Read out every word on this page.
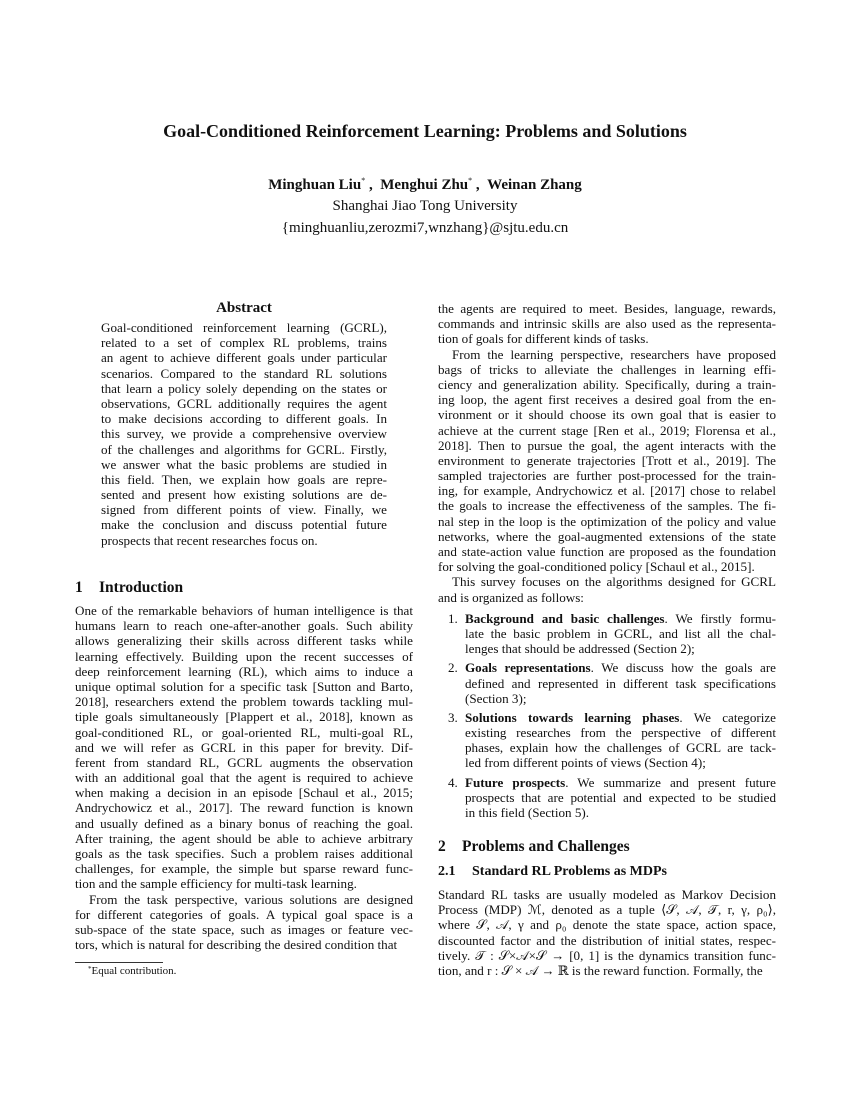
Goal-Conditioned Reinforcement Learning: Problems and Solutions
Minghuan Liu* ,  Menghui Zhu* ,  Weinan Zhang
Shanghai Jiao Tong University
{minghuanliu,zerozmi7,wnzhang}@sjtu.edu.cn
Abstract
Goal-conditioned reinforcement learning (GCRL),
related to a set of complex RL problems, trains
an agent to achieve different goals under particular
scenarios. Compared to the standard RL solutions
that learn a policy solely depending on the states or
observations, GCRL additionally requires the agent
to make decisions according to different goals. In
this survey, we provide a comprehensive overview
of the challenges and algorithms for GCRL. Firstly,
we answer what the basic problems are studied in
this field. Then, we explain how goals are repre-
sented and present how existing solutions are de-
signed from different points of view. Finally, we
make the conclusion and discuss potential future
prospects that recent researches focus on.
1 Introduction
One of the remarkable behaviors of human intelligence is that
humans learn to reach one-after-another goals. Such ability
allows generalizing their skills across different tasks while
learning effectively. Building upon the recent successes of
deep reinforcement learning (RL), which aims to induce a
unique optimal solution for a specific task [Sutton and Barto,
2018], researchers extend the problem towards tackling mul-
tiple goals simultaneously [Plappert et al., 2018], known as
goal-conditioned RL, or goal-oriented RL, multi-goal RL,
and we will refer as GCRL in this paper for brevity. Dif-
ferent from standard RL, GCRL augments the observation
with an additional goal that the agent is required to achieve
when making a decision in an episode [Schaul et al., 2015;
Andrychowicz et al., 2017]. The reward function is known
and usually defined as a binary bonus of reaching the goal.
After training, the agent should be able to achieve arbitrary
goals as the task specifies. Such a problem raises additional
challenges, for example, the simple but sparse reward func-
tion and the sample efficiency for multi-task learning.
From the task perspective, various solutions are designed
for different categories of goals. A typical goal space is a
sub-space of the state space, such as images or feature vec-
tors, which is natural for describing the desired condition that
*Equal contribution.
the agents are required to meet. Besides, language, rewards,
commands and intrinsic skills are also used as the representa-
tion of goals for different kinds of tasks.
From the learning perspective, researchers have proposed
bags of tricks to alleviate the challenges in learning effi-
ciency and generalization ability. Specifically, during a train-
ing loop, the agent first receives a desired goal from the en-
vironment or it should choose its own goal that is easier to
achieve at the current stage [Ren et al., 2019; Florensa et al.,
2018]. Then to pursue the goal, the agent interacts with the
environment to generate trajectories [Trott et al., 2019]. The
sampled trajectories are further post-processed for the train-
ing, for example, Andrychowicz et al. [2017] chose to relabel
the goals to increase the effectiveness of the samples. The fi-
nal step in the loop is the optimization of the policy and value
networks, where the goal-augmented extensions of the state
and state-action value function are proposed as the foundation
for solving the goal-conditioned policy [Schaul et al., 2015].
This survey focuses on the algorithms designed for GCRL
and is organized as follows:
1. Background and basic challenges. We firstly formu-
late the basic problem in GCRL, and list all the chal-
lenges that should be addressed (Section 2);
2. Goals representations. We discuss how the goals are
defined and represented in different task specifications
(Section 3);
3. Solutions towards learning phases. We categorize
existing researches from the perspective of different
phases, explain how the challenges of GCRL are tack-
led from different points of views (Section 4);
4. Future prospects. We summarize and present future
prospects that are potential and expected to be studied
in this field (Section 5).
2 Problems and Challenges
2.1 Standard RL Problems as MDPs
Standard RL tasks are usually modeled as Markov Decision
Process (MDP) ℳ, denoted as a tuple ⟨𝒮, 𝒜, 𝒯, r, γ, ρ₀⟩,
where 𝒮, 𝒜, γ and ρ₀ denote the state space, action space,
discounted factor and the distribution of initial states, respec-
tively. 𝒯 : 𝒮×𝒜×𝒮 → [0, 1] is the dynamics transition func-
tion, and r : 𝒮 × 𝒜 → ℝ is the reward function. Formally, the
